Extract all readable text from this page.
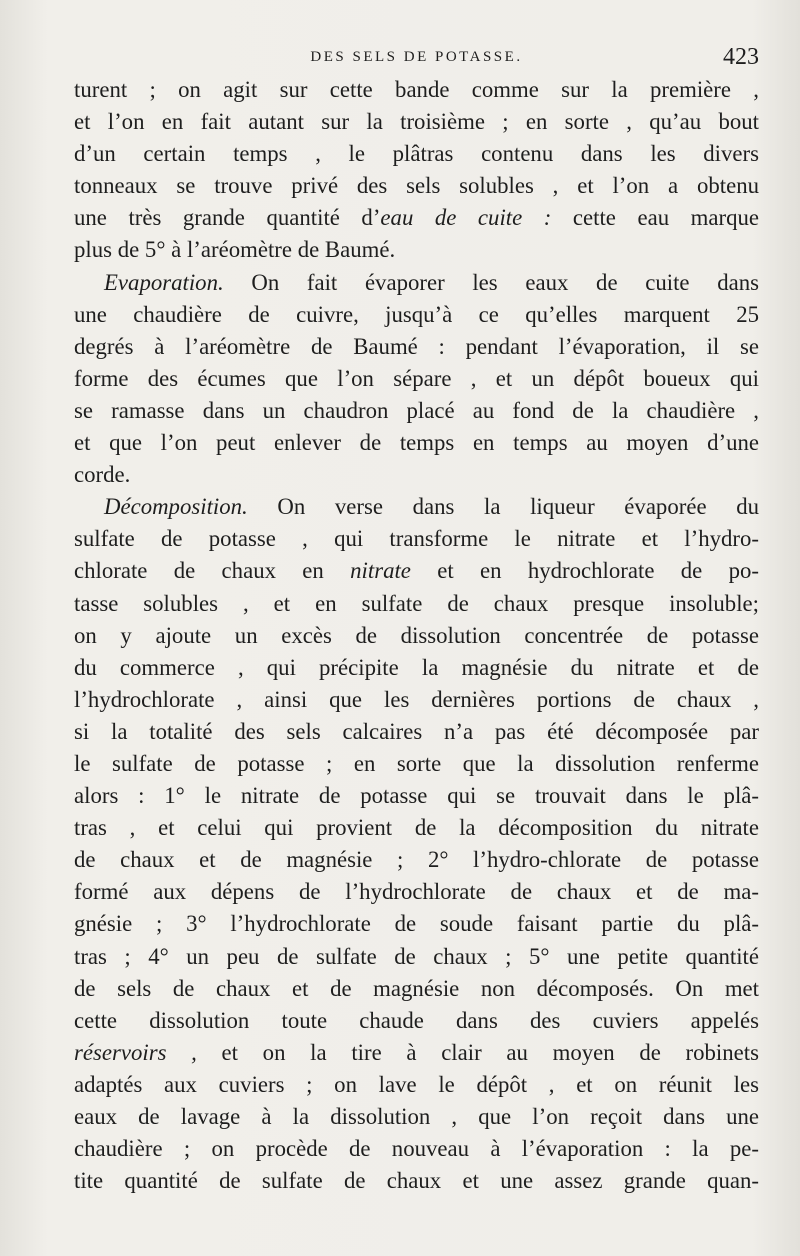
DES SELS DE POTASSE.	423
turent ; on agit sur cette bande comme sur la première ,
et l’on en fait autant sur la troisième ; en sorte , qu’au bout
d’un certain temps , le plâtras contenu dans les divers
tonneaux se trouve privé des sels solubles , et l’on a obtenu
une très grande quantité d’eau de cuite : cette eau marque
plus de 5° à l’aréomètre de Baumé.
Evaporation. On fait évaporer les eaux de cuite dans
une chaudière de cuivre, jusqu’à ce qu’elles marquent 25
degrés à l’aréomètre de Baumé : pendant l’évaporation, il se
forme des écumes que l’on sépare , et un dépôt boueux qui
se ramasse dans un chaudron placé au fond de la chaudière ,
et que l’on peut enlever de temps en temps au moyen d’une
corde.
Décomposition. On verse dans la liqueur évaporée du
sulfate de potasse , qui transforme le nitrate et l’hydro-
chlorate de chaux en nitrate et en hydrochlorate de po-
tasse solubles , et en sulfate de chaux presque insoluble;
on y ajoute un excès de dissolution concentrée de potasse
du commerce , qui précipite la magnésie du nitrate et de
l’hydrochlorate , ainsi que les dernières portions de chaux ,
si la totalité des sels calcaires n’a pas été décomposée par
le sulfate de potasse ; en sorte que la dissolution renferme
alors : 1° le nitrate de potasse qui se trouvait dans le plâ-
tras , et celui qui provient de la décomposition du nitrate
de chaux et de magnésie ; 2° l’hydro-chlorate de potasse
formé aux dépens de l’hydrochlorate de chaux et de ma-
gnésie ; 3° l’hydrochlorate de soude faisant partie du plâ-
tras ; 4° un peu de sulfate de chaux ; 5° une petite quantité
de sels de chaux et de magnésie non décomposés. On met
cette dissolution toute chaude dans des cuviers appelés
réservoirs , et on la tire à clair au moyen de robinets
adaptés aux cuviers ; on lave le dépôt , et on réunit les
eaux de lavage à la dissolution , que l’on reçoit dans une
chaudière ; on procède de nouveau à l’évaporation : la pe-
tite quantité de sulfate de chaux et une assez grande quan-
